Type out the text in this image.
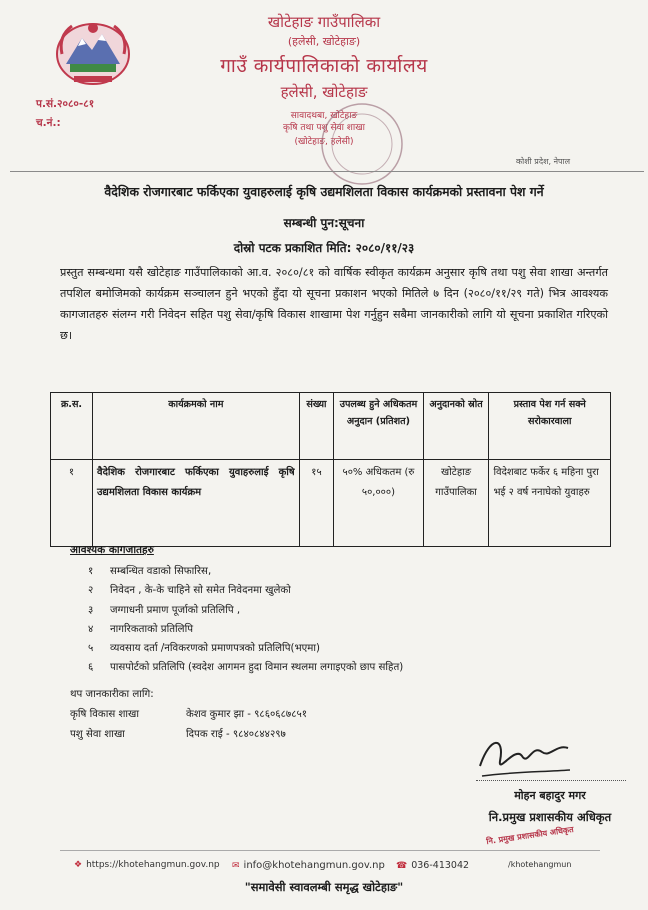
खोटेहाङ गाउँपालिका
(हलेसी, खोटेहाङ)
गाउँ कार्यपालिकाको कार्यालय
हलेसी, खोटेहाङ
सावादथबा, खोटेहाङ
कृषि तथा पशु सेवा शाखा
(खोटेहाङ, हलेसी)
प.सं.२०८०-८१
च.नं.:
कोशी प्रदेश, नेपाल
वैदेशिक रोजगारबाट फर्किएका युवाहरुलाई कृषि उद्यमशिलता विकास कार्यक्रमको प्रस्तावना पेश गर्ने
सम्बन्धी पुन:सूचना
दोस्रो पटक प्रकाशित मिति: २०८०/११/२३
प्रस्तुत सम्बन्धमा यसै खोटेहाङ गाउँपालिकाको आ.व. २०८०/८१ को वार्षिक स्वीकृत कार्यक्रम अनुसार कृषि तथा पशु सेवा शाखा अन्तर्गत तपशिल बमोजिमको कार्यक्रम सञ्चालन हुने भएको हुँदा यो सूचना प्रकाशन भएको मितिले ७ दिन (२०८०/११/२९ गते) भित्र आवश्यक कागजातहरु संलग्न गरी निवेदन सहित पशु सेवा/कृषि विकास शाखामा पेश गर्नुहुन सबैमा जानकारीको लागि यो सूचना प्रकाशित गरिएको छ।
क्र.स.	कार्यक्रमको नाम	संख्या	उपलब्ध हुने अधिकतम अनुदान (प्रतिशत)	अनुदानको स्रोत	प्रस्ताव पेश गर्न सक्ने सरोकारवाला
१	वैदेशिक रोजगारबाट फर्किएका युवाहरुलाई कृषि उद्यमशिलता विकास कार्यक्रम	१५	५०% अधिकतम (रु ५०,०००)	खोटेहाङ गाउँपालिका	विदेशबाट फर्केर ६ महिना पुरा भई २ वर्ष ननाघेको युवाहरु
आवश्यक कागजातहरु
१ सम्बन्धित वडाको सिफारिस,
२ निवेदन , के-के चाहिने सो समेत निवेदनमा खुलेको
३ जग्गाधनी प्रमाण पूर्जाको प्रतिलिपि ,
४ नागरिकताको प्रतिलिपि
५ व्यवसाय दर्ता /नविकरणको प्रमाणपत्रको प्रतिलिपि(भएमा)
६ पासपोर्टको प्रतिलिपि (स्वदेश आगमन हुदा विमान स्थलमा लगाइएको छाप सहित)
थप जानकारीका लागि:
कृषि विकास शाखा	केशव कुमार झा - ९८६०६८७८५१
पशु सेवा शाखा	दिपक राई - ९८४०८४४२९७
मोहन बहादुर मगर
नि.प्रमुख प्रशासकीय अधिकृत
नि. प्रमुख प्रशासकीय अधिकृत
❖ https://khotehangmun.gov.np ✉ info@khotehangmun.gov.np ☎ 036-413042	/khotehangmun
"समावेसी स्वावलम्बी समृद्ध खोटेहाङ"
